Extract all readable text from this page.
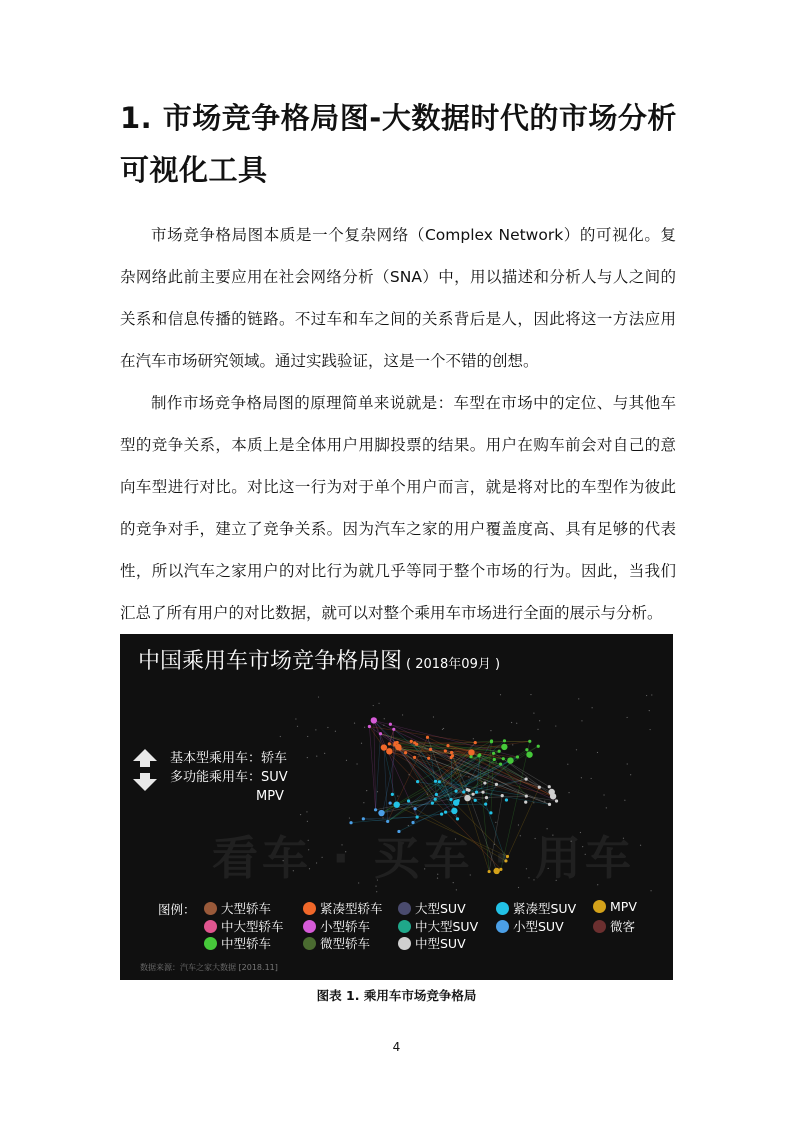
1. 市场竞争格局图-大数据时代的市场分析可视化工具

市场竞争格局图本质是一个复杂网络（Complex Network）的可视化。复杂网络此前主要应用在社会网络分析（SNA）中，用以描述和分析人与人之间的关系和信息传播的链路。不过车和车之间的关系背后是人，因此将这一方法应用在汽车市场研究领域。通过实践验证，这是一个不错的创想。

制作市场竞争格局图的原理简单来说就是：车型在市场中的定位、与其他车型的竞争关系，本质上是全体用户用脚投票的结果。用户在购车前会对自己的意向车型进行对比。对比这一行为对于单个用户而言，就是将对比的车型作为彼此的竞争对手，建立了竞争关系。因为汽车之家的用户覆盖度高、具有足够的代表性，所以汽车之家用户的对比行为就几乎等同于整个市场的行为。因此，当我们汇总了所有用户的对比数据，就可以对整个乘用车市场进行全面的展示与分析。

看车 · 买车 · 用车
中国乘用车市场竞争格局图 ( 2018年09月 )
基本型乘用车：轿车
多功能乘用车：SUV

MPV
图例： 大型轿车
中大型轿车
中型轿车
紧凑型轿车
小型轿车
微型轿车
大型SUV
中大型SUV
中型SUV
紧凑型SUV
小型SUV
MPV
微客
数据来源：汽车之家大数据 [2018.11]
图表 1. 乘用车市场竞争格局
4
